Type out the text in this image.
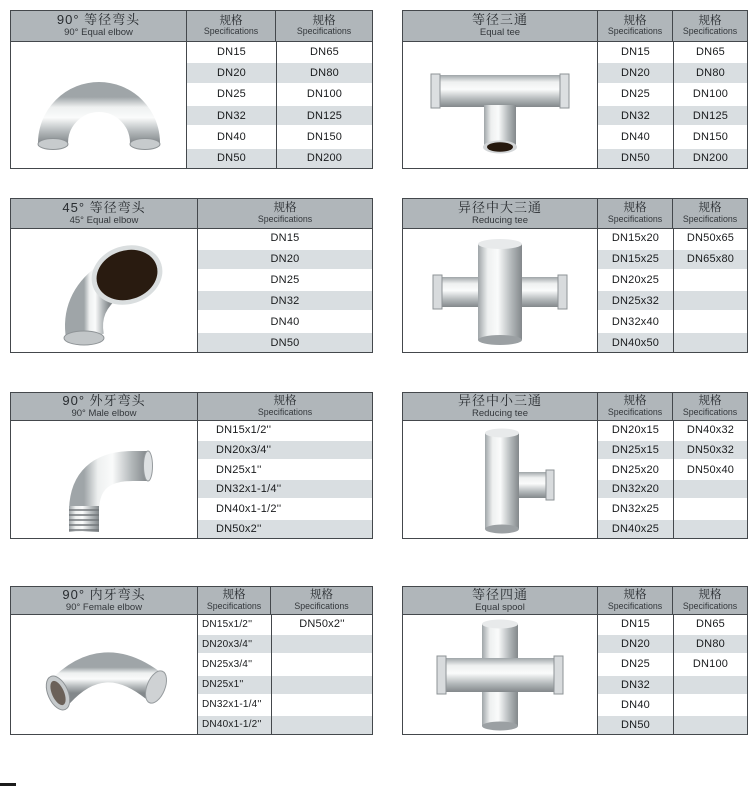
90° 等径弯头
90° Equal elbow
规格
Specifications
规格
Specifications
DN15
DN20
DN25
DN32
DN40
DN50
DN65
DN80
DN100
DN125
DN150
DN200
等径三通
Equal tee
规格
Specifications
规格
Specifications
DN15
DN20
DN25
DN32
DN40
DN50
DN65
DN80
DN100
DN125
DN150
DN200
45° 等径弯头
45° Equal elbow
规格
Specifications
DN15
DN20
DN25
DN32
DN40
DN50
异径中大三通
Reducing tee
规格
Specifications
规格
Specifications
DN15x20
DN15x25
DN20x25
DN25x32
DN32x40
DN40x50
DN50x65
DN65x80
90° 外牙弯头
90° Male elbow
规格
Specifications
DN15x1/2''
DN20x3/4''
DN25x1''
DN32x1-1/4''
DN40x1-1/2''
DN50x2''
异径中小三通
Reducing tee
规格
Specifications
规格
Specifications
DN20x15
DN25x15
DN25x20
DN32x20
DN32x25
DN40x25
DN40x32
DN50x32
DN50x40
90° 内牙弯头
90° Female elbow
规格
Specifications
规格
Specifications
DN15x1/2''
DN20x3/4''
DN25x3/4''
DN25x1''
DN32x1-1/4''
DN40x1-1/2''
DN50x2''
等径四通
Equal spool
规格
Specifications
规格
Specifications
DN15
DN20
DN25
DN32
DN40
DN50
DN65
DN80
DN100
